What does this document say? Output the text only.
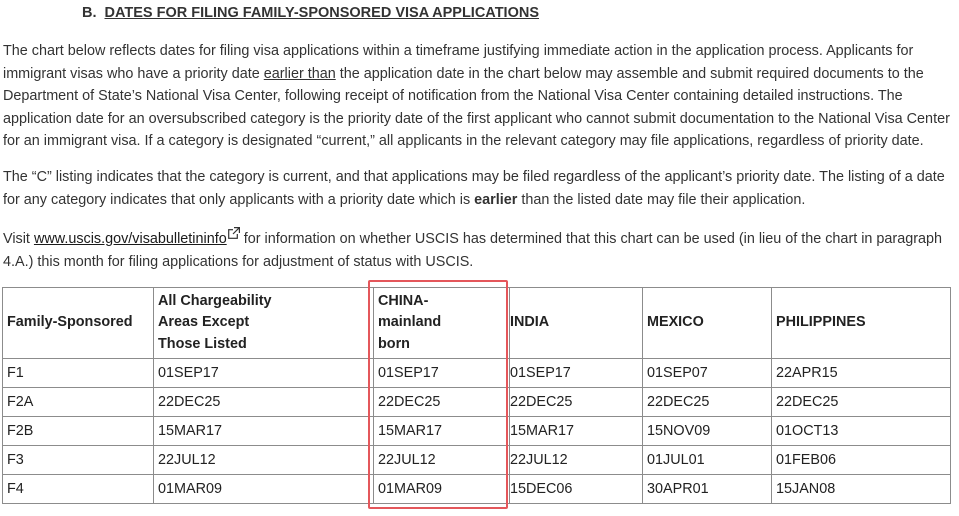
B. DATES FOR FILING FAMILY-SPONSORED VISA APPLICATIONS

The chart below reflects dates for filing visa applications within a timeframe justifying immediate action in the application process. Applicants for immigrant visas who have a priority date earlier than the application date in the chart below may assemble and submit required documents to the Department of State’s National Visa Center, following receipt of notification from the National Visa Center containing detailed instructions. The application date for an oversubscribed category is the priority date of the first applicant who cannot submit documentation to the National Visa Center for an immigrant visa. If a category is designated “current,” all applicants in the relevant category may file applications, regardless of priority date.

The “C” listing indicates that the category is current, and that applications may be filed regardless of the applicant’s priority date. The listing of a date for any category indicates that only applicants with a priority date which is earlier than the listed date may file their application.

Visit www.uscis.gov/visabulletininfo for information on whether USCIS has determined that this chart can be used (in lieu of the chart in paragraph 4.A.) this month for filing applications for adjustment of status with USCIS.

Family-Sponsored	All Chargeability Areas Except Those Listed	CHINA-mainland born	INDIA	MEXICO	PHILIPPINES
F1	01SEP17	01SEP17	01SEP17	01SEP07	22APR15
F2A	22DEC25	22DEC25	22DEC25	22DEC25	22DEC25
F2B	15MAR17	15MAR17	15MAR17	15NOV09	01OCT13
F3	22JUL12	22JUL12	22JUL12	01JUL01	01FEB06
F4	01MAR09	01MAR09	15DEC06	30APR01	15JAN08
